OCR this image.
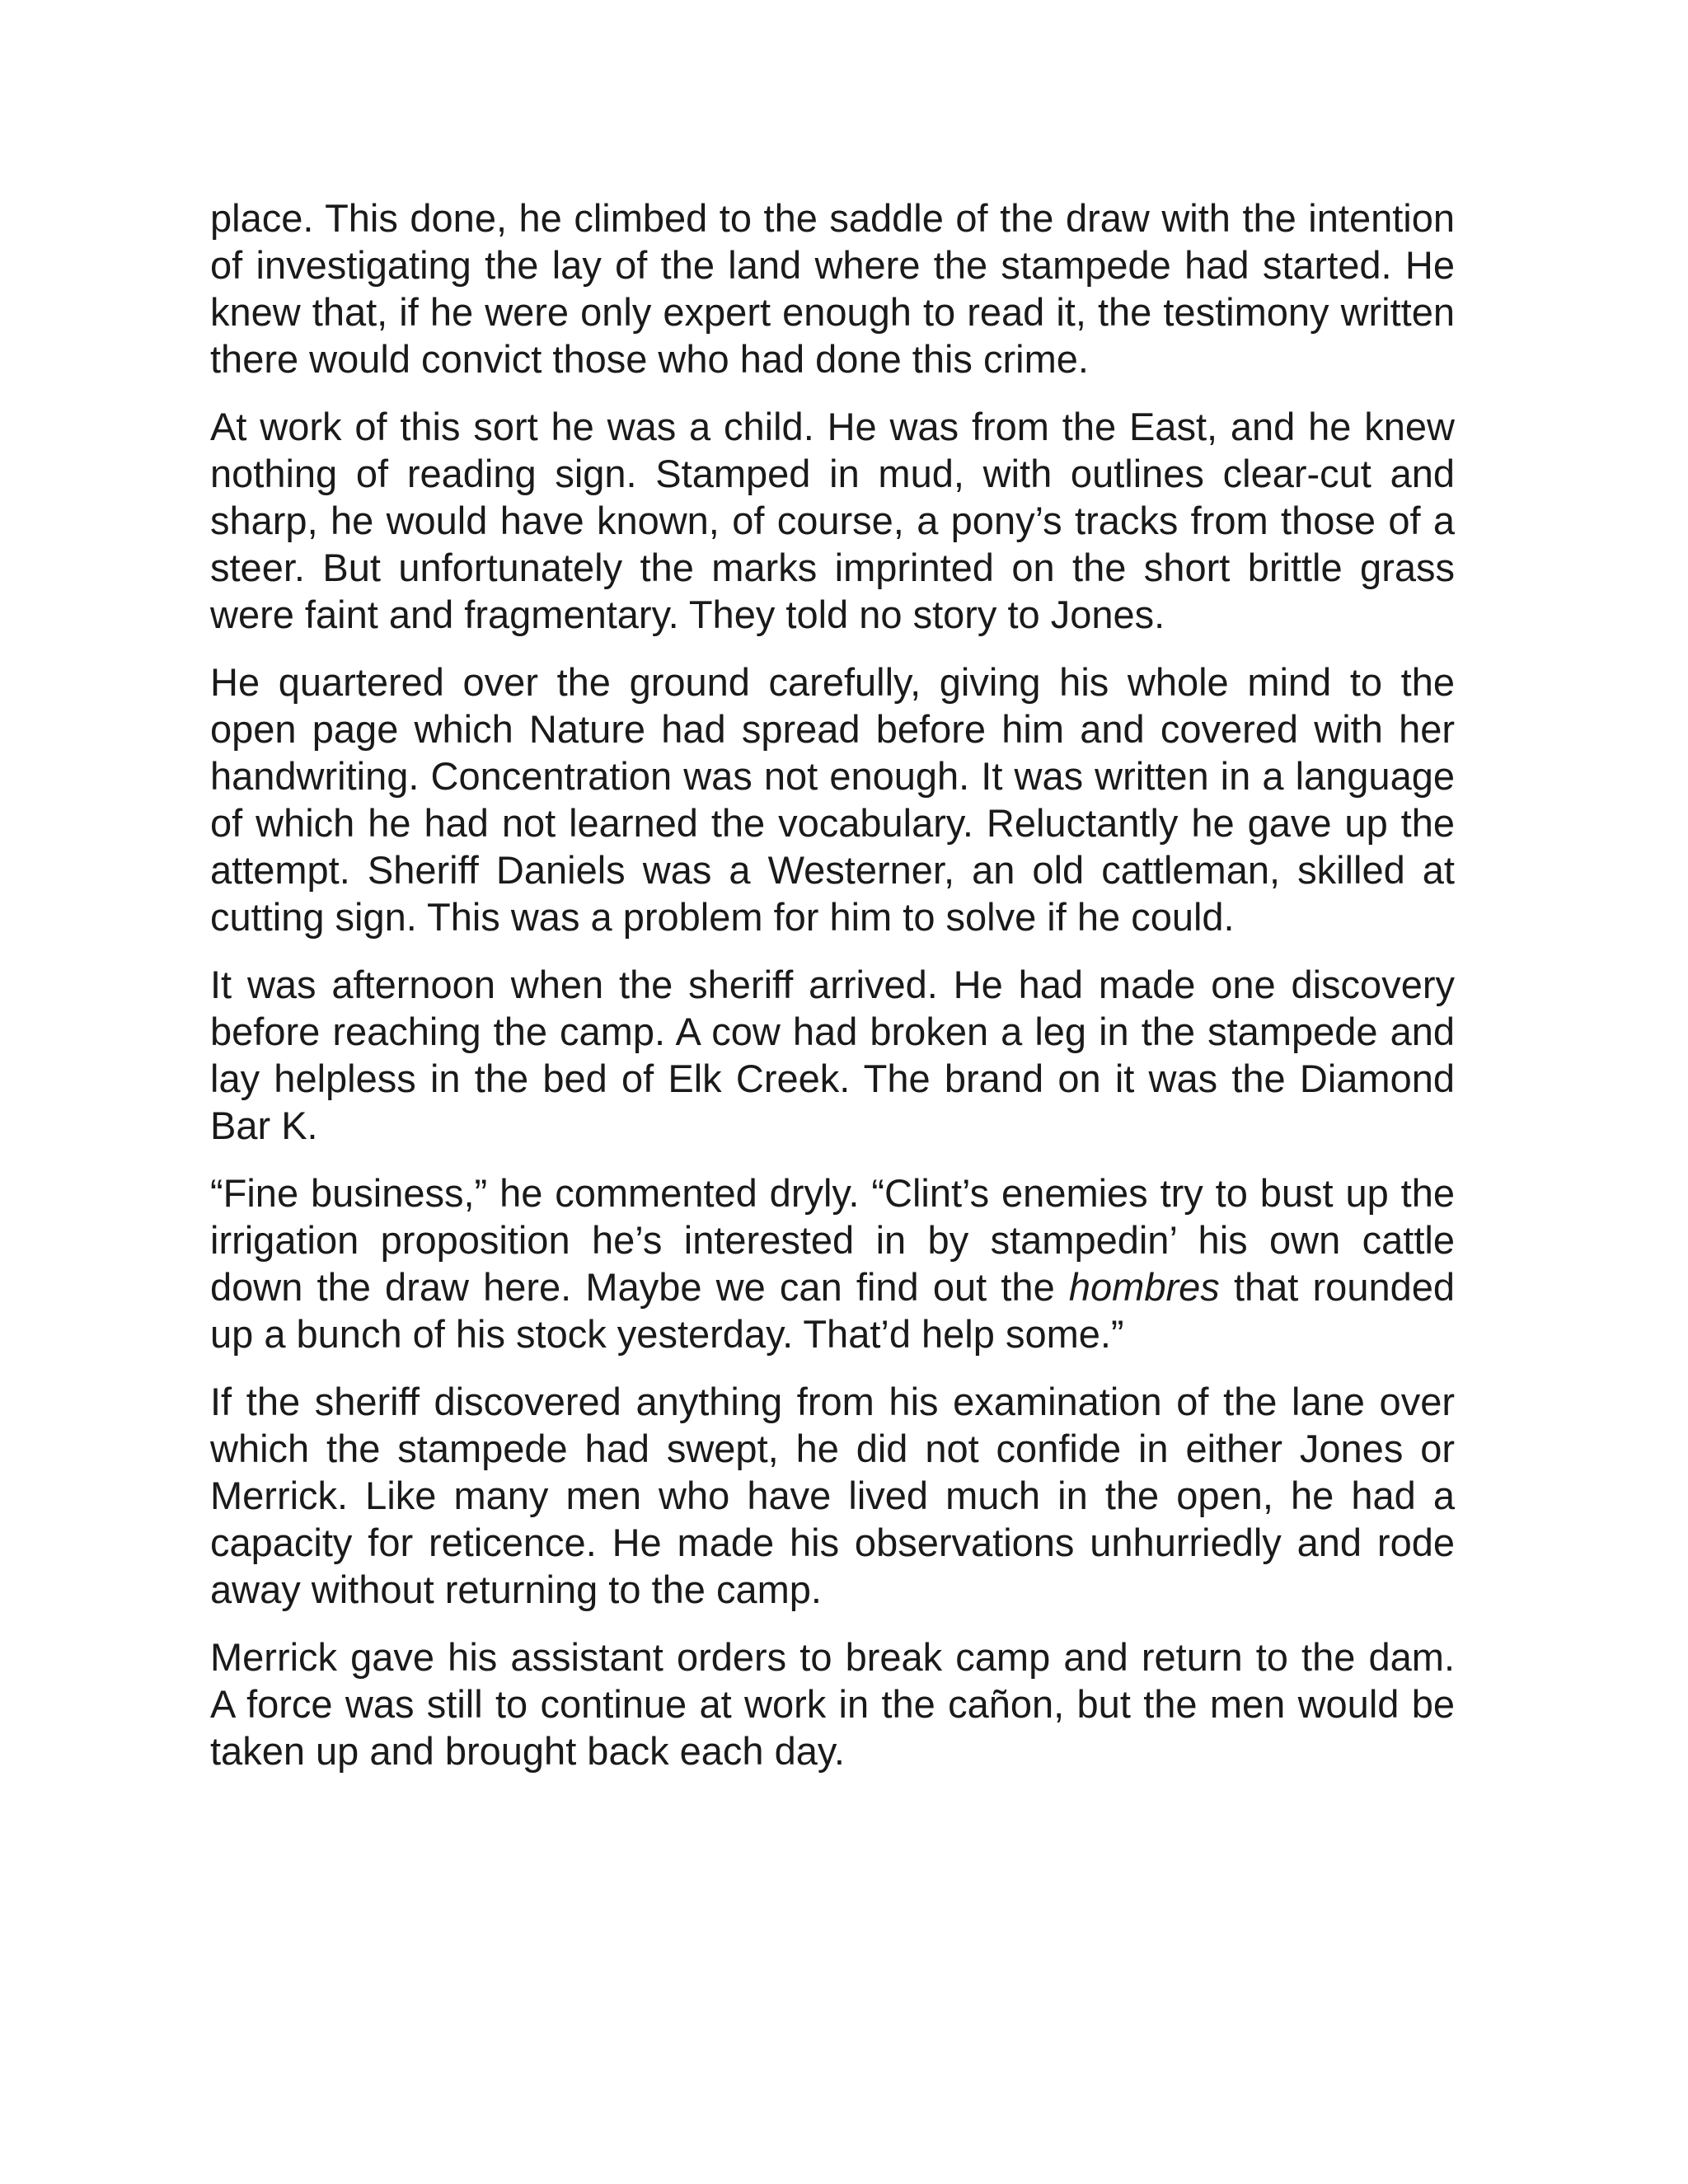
place. This done, he climbed to the saddle of the draw with the intention of investigating the lay of the land where the stampede had started. He knew that, if he were only expert enough to read it, the testimony written there would convict those who had done this crime.

At work of this sort he was a child. He was from the East, and he knew nothing of reading sign. Stamped in mud, with outlines clear-cut and sharp, he would have known, of course, a pony’s tracks from those of a steer. But unfortunately the marks imprinted on the short brittle grass were faint and fragmentary. They told no story to Jones.

He quartered over the ground carefully, giving his whole mind to the open page which Nature had spread before him and covered with her handwriting. Concentration was not enough. It was written in a language of which he had not learned the vocabulary. Reluctantly he gave up the attempt. Sheriff Daniels was a Westerner, an old cattleman, skilled at cutting sign. This was a problem for him to solve if he could.

It was afternoon when the sheriff arrived. He had made one discovery before reaching the camp. A cow had broken a leg in the stampede and lay helpless in the bed of Elk Creek. The brand on it was the Diamond Bar K.

“Fine business,” he commented dryly. “Clint’s enemies try to bust up the irrigation proposition he’s interested in by stampedin’ his own cattle down the draw here. Maybe we can find out the hombres that rounded up a bunch of his stock yesterday. That’d help some.”

If the sheriff discovered anything from his examination of the lane over which the stampede had swept, he did not confide in either Jones or Merrick. Like many men who have lived much in the open, he had a capacity for reticence. He made his observations unhurriedly and rode away without returning to the camp.

Merrick gave his assistant orders to break camp and return to the dam. A force was still to continue at work in the cañon, but the men would be taken up and brought back each day.
